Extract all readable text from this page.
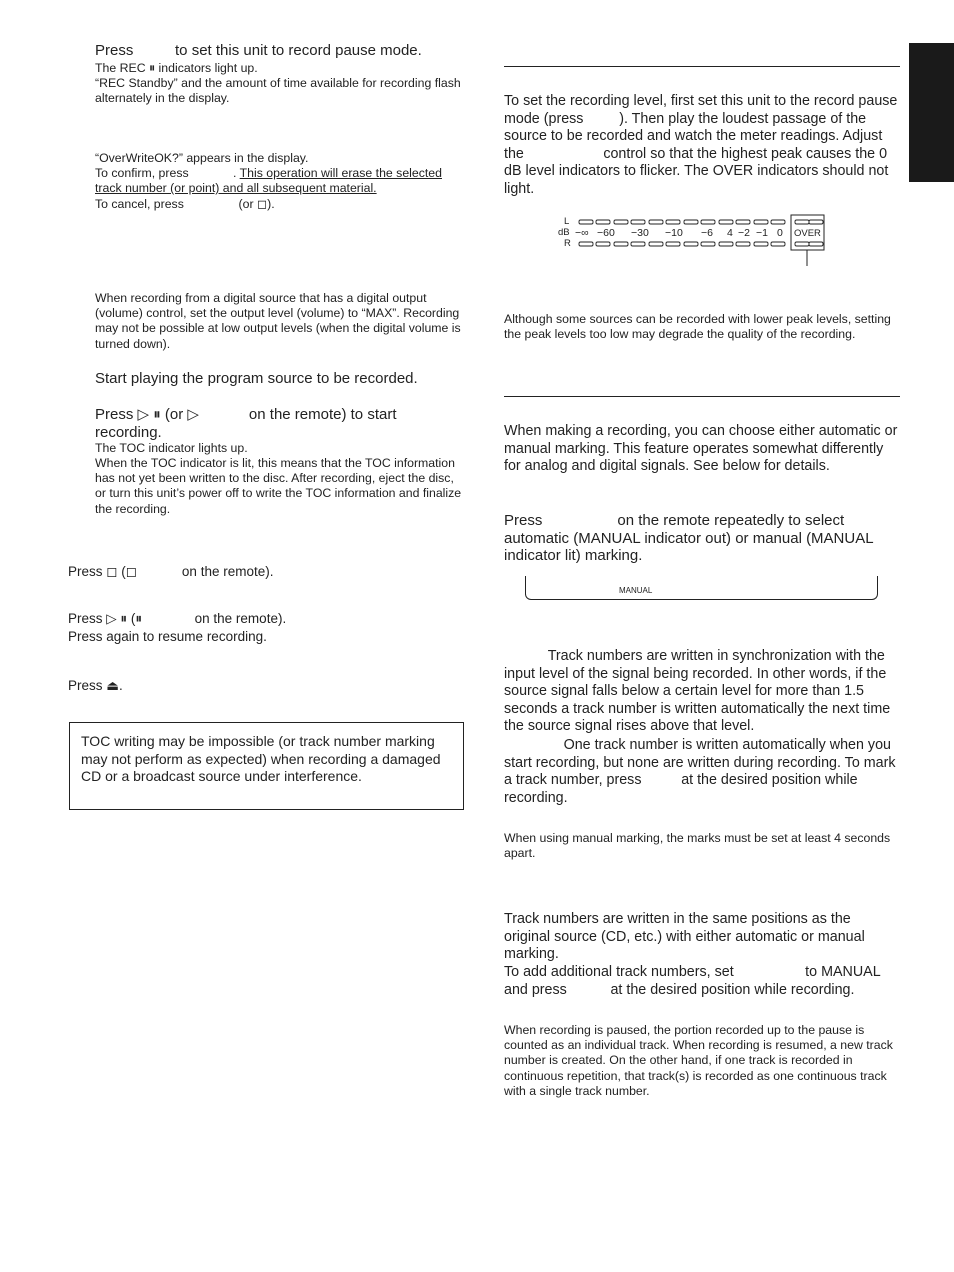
Press          to set this unit to record pause mode.
The REC ⏸ indicators light up.
“REC Standby” and the amount of time available for recording flash alternately in the display.
“OverWriteOK?” appears in the display.
To confirm, press             . This operation will erase the selected track number (or point) and all subsequent material.
To cancel, press                (or ◻).
When recording from a digital source that has a digital output (volume) control, set the output level (volume) to “MAX”. Recording may not be possible at low output levels (when the digital volume is turned down).
Start playing the program source to be recorded.
Press ▷ ⏸ (or ▷            on the remote) to start recording.
The TOC indicator lights up.
When the TOC indicator is lit, this means that the TOC information has not yet been written to the disc. After recording, eject the disc, or turn this unit’s power off to write the TOC information and finalize the recording.
Press ◻ (◻            on the remote).
Press ▷ ⏸ (⏸              on the remote).
Press again to resume recording.
Press ⏏.
TOC writing may be impossible (or track number marking may not perform as expected) when recording a damaged CD or a broadcast source under interference.
To set the recording level, first set this unit to the record pause mode (press         ). Then play the loudest passage of the source to be recorded and watch the meter readings. Adjust the                    control so that the highest peak causes the 0 dB level indicators to flicker. The OVER indicators should not light.
L
dB
R
−∞ −60 −30 −10 −6 4 −2 −1 0 OVER
Although some sources can be recorded with lower peak levels, setting the peak levels too low may degrade the quality of the recording.
When making a recording, you can choose either automatic or manual marking. This feature operates somewhat differently for analog and digital signals. See below for details.
Press                  on the remote repeatedly to select automatic (MANUAL indicator out) or manual (MANUAL indicator lit) marking.
MANUAL
Track numbers are written in synchronization with the input level of the signal being recorded. In other words, if the source signal falls below a certain level for more than 1.5 seconds a track number is written automatically the next time the source signal rises above that level.
One track number is written automatically when you start recording, but none are written during recording. To mark a track number, press          at the desired position while recording.
When using manual marking, the marks must be set at least 4 seconds apart.
Track numbers are written in the same positions as the original source (CD, etc.) with either automatic or manual marking.
To add additional track numbers, set                  to MANUAL and press           at the desired position while recording.
When recording is paused, the portion recorded up to the pause is counted as an individual track. When recording is resumed, a new track number is created. On the other hand, if one track is recorded in continuous repetition, that track(s) is recorded as one continuous track with a single track number.
